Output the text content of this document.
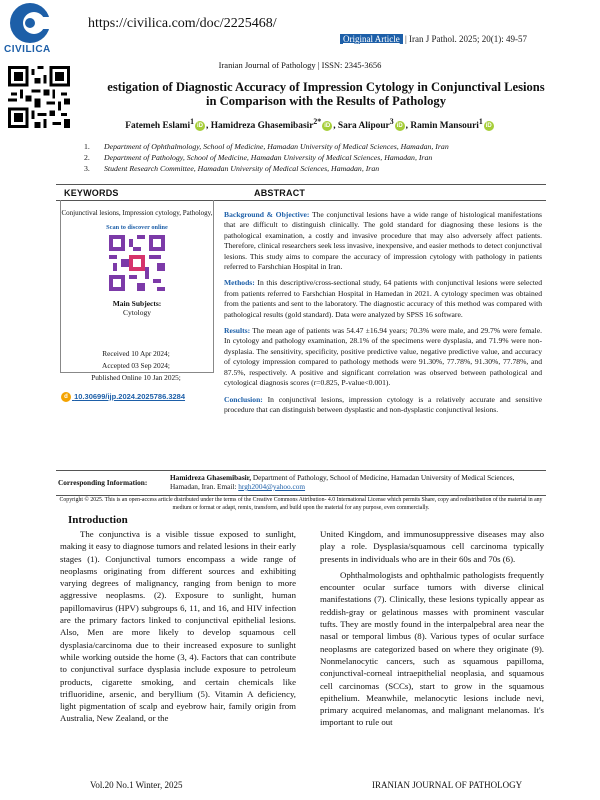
CIVILICA
https://civilica.com/doc/2225468/
Original Article | Iran J Pathol. 2025; 20(1): 49-57
Iranian Journal of Pathology | ISSN: 2345-3656
estigation of Diagnostic Accuracy of Impression Cytology in Conjunctival Lesions
in Comparison with the Results of Pathology
Fatemeh Eslami$^1$ iD , Hamidreza Ghasemibasir$^{2*}$ iD , Sara Alipour$^3$ iD , Ramin Mansouri$^1$ iD
1. Department of Ophthalmology, School of Medicine, Hamadan University of Medical Sciences, Hamadan, Iran
2. Department of Pathology, School of Medicine, Hamadan University of Medical Sciences, Hamadan, Iran
3. Student Research Committee, Hamadan University of Medical Sciences, Hamadan, Iran
KEYWORDS	ABSTRACT
Conjunctival lesions, Impression cytology, Pathology,
Scan to discover online
Main Subjects:
Cytology
Received 10 Apr 2024;
Accepted 03 Sep 2024;
Published Online 10 Jan 2025;
d 10.30699/ijp.2024.2025786.3284

Background & Objective: The conjunctival lesions have a wide range of histological manifestations that are difficult to distinguish clinically. The gold standard for diagnosing these lesions is the pathological examination, a costly and invasive procedure that may also adversely affect patients. Therefore, clinical researchers seek less invasive, inexpensive, and easier methods to detect conjunctival lesions. This study aims to compare the accuracy of impression cytology with pathology in patients referred to Farshchian Hospital in Iran.

Methods: In this descriptive/cross-sectional study, 64 patients with conjunctival lesions were selected from patients referred to Farshchian Hospital in Hamedan in 2021. A cytology specimen was obtained from the patients and sent to the laboratory. The diagnostic accuracy of this method was compared with pathological results (gold standard). Data were analyzed by SPSS 16 software.

Results: The mean age of patients was 54.47 ±16.94 years; 70.3% were male, and 29.7% were female. In cytology and pathology examination, 28.1% of the specimens were dysplasia, and 71.9% were non-dysplasia. The sensitivity, specificity, positive predictive value, negative predictive value, and accuracy of cytology impression compared to pathology methods were 91.30%, 77.78%, 91.30%, 77.78%, and 87.5%, respectively. A positive and significant correlation was observed between pathological and cytological diagnosis scores (r=0.825, P-value<0.001).

Conclusion: In conjunctival lesions, impression cytology is a relatively accurate and sensitive procedure that can distinguish between dysplastic and non-dysplastic conjunctival lesions.

Corresponding Information:
Hamidreza Ghasemibasir, Department of Pathology, School of Medicine, Hamadan University of Medical Sciences, Hamadan, Iran. Email: hrgh2004@yahoo.com
Copyright © 2025. This is an open-access article distributed under the terms of the Creative Commons Attribution- 4.0 International License which permits Share, copy and redistribution of the material in any medium or format or adapt, remix, transform, and build upon the material for any purpose, even commercially.
Introduction

The conjunctiva is a visible tissue exposed to sunlight, making it easy to diagnose tumors and related lesions in their early stages (1). Conjunctival tumors encompass a wide range of neoplasms originating from different sources and exhibiting varying degrees of malignancy, ranging from benign to more aggressive neoplasms. (2). Exposure to sunlight, human papillomavirus (HPV) subgroups 6, 11, and 16, and HIV infection are the primary factors linked to conjunctival epithelial lesions. Also, Men are more likely to develop squamous cell dysplasia/carcinoma due to their increased exposure to sunlight while working outside the home (3, 4). Factors that can contribute to conjunctival surface dysplasia include exposure to petroleum products, cigarette smoking, and certain chemicals like trifluoridine, arsenic, and beryllium (5). Vitamin A deficiency, light pigmentation of scalp and eyebrow hair, family origin from Australia, New Zealand, or the

United Kingdom, and immunosuppressive diseases may also play a role. Dysplasia/squamous cell carcinoma typically presents in individuals who are in their 60s and 70s (6).

Ophthalmologists and ophthalmic pathologists frequently encounter ocular surface tumors with diverse clinical manifestations (7). Clinically, these lesions typically appear as reddish-gray or gelatinous masses with prominent vascular tufts. They are mostly found in the interpalpebral area near the nasal or temporal limbus (8). Various types of ocular surface neoplasms are categorized based on where they originate (9). Nonmelanocytic cancers, such as squamous papilloma, conjunctival-corneal intraepithelial neoplasia, and squamous cell carcinomas (SCCs), start to grow in the squamous epithelium. Meanwhile, melanocytic lesions include nevi, primary acquired melanomas, and malignant melanomas. It's important to rule out

Vol.20 No.1 Winter, 2025	IRANIAN JOURNAL OF PATHOLOGY
